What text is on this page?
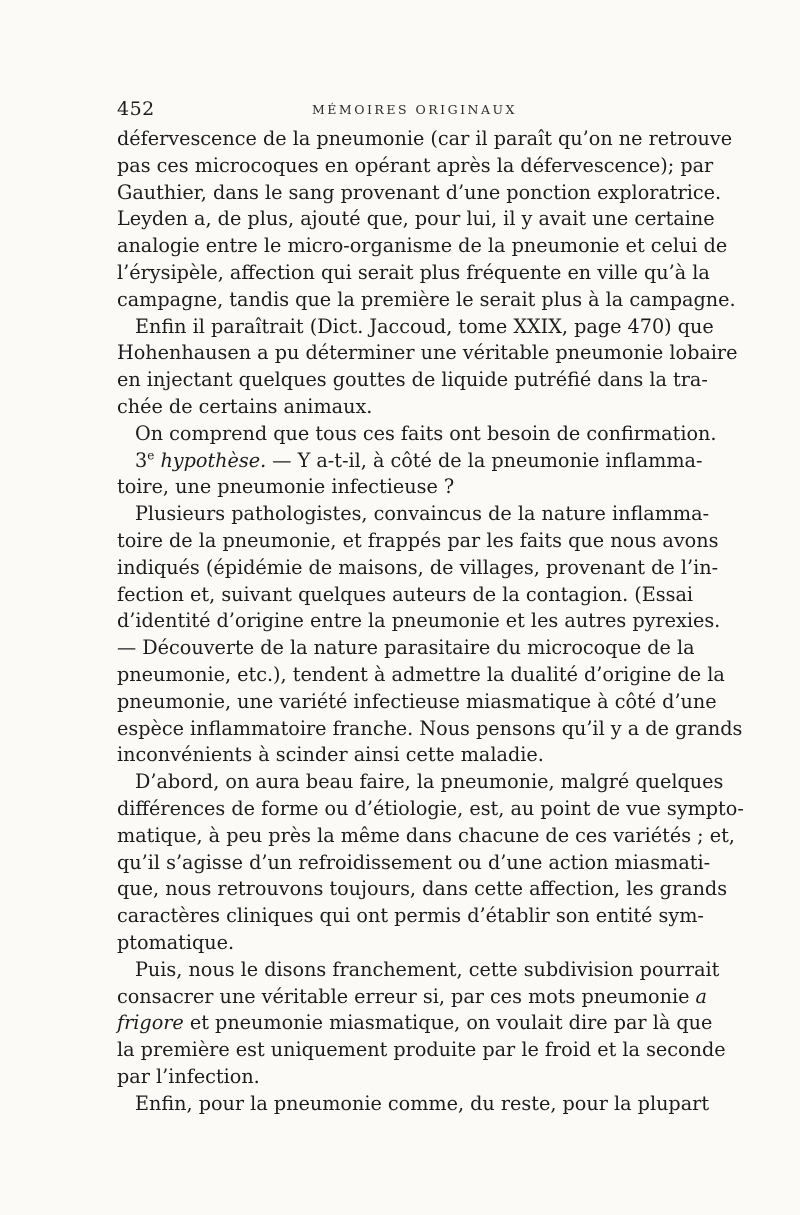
452	MÉMOIRES ORIGINAUX
défervescence de la pneumonie (car il paraît qu’on ne retrouve
pas ces microcoques en opérant après la défervescence); par
Gauthier, dans le sang provenant d’une ponction exploratrice.
Leyden a, de plus, ajouté que, pour lui, il y avait une certaine
analogie entre le micro-organisme de la pneumonie et celui de
l’érysipèle, affection qui serait plus fréquente en ville qu’à la
campagne, tandis que la première le serait plus à la campagne.
Enfin il paraîtrait (Dict. Jaccoud, tome XXIX, page 470) que
Hohenhausen a pu déterminer une véritable pneumonie lobaire
en injectant quelques gouttes de liquide putréfié dans la tra-
chée de certains animaux.
On comprend que tous ces faits ont besoin de confirmation.
3e hypothèse. — Y a-t-il, à côté de la pneumonie inflamma-
toire, une pneumonie infectieuse ?
Plusieurs pathologistes, convaincus de la nature inflamma-
toire de la pneumonie, et frappés par les faits que nous avons
indiqués (épidémie de maisons, de villages, provenant de l’in-
fection et, suivant quelques auteurs de la contagion. (Essai
d’identité d’origine entre la pneumonie et les autres pyrexies.
— Découverte de la nature parasitaire du microcoque de la
pneumonie, etc.), tendent à admettre la dualité d’origine de la
pneumonie, une variété infectieuse miasmatique à côté d’une
espèce inflammatoire franche. Nous pensons qu’il y a de grands
inconvénients à scinder ainsi cette maladie.
D’abord, on aura beau faire, la pneumonie, malgré quelques
différences de forme ou d’étiologie, est, au point de vue sympto-
matique, à peu près la même dans chacune de ces variétés ; et,
qu’il s’agisse d’un refroidissement ou d’une action miasmati-
que, nous retrouvons toujours, dans cette affection, les grands
caractères cliniques qui ont permis d’établir son entité sym-
ptomatique.
Puis, nous le disons franchement, cette subdivision pourrait
consacrer une véritable erreur si, par ces mots pneumonie a
frigore et pneumonie miasmatique, on voulait dire par là que
la première est uniquement produite par le froid et la seconde
par l’infection.
Enfin, pour la pneumonie comme, du reste, pour la plupart
